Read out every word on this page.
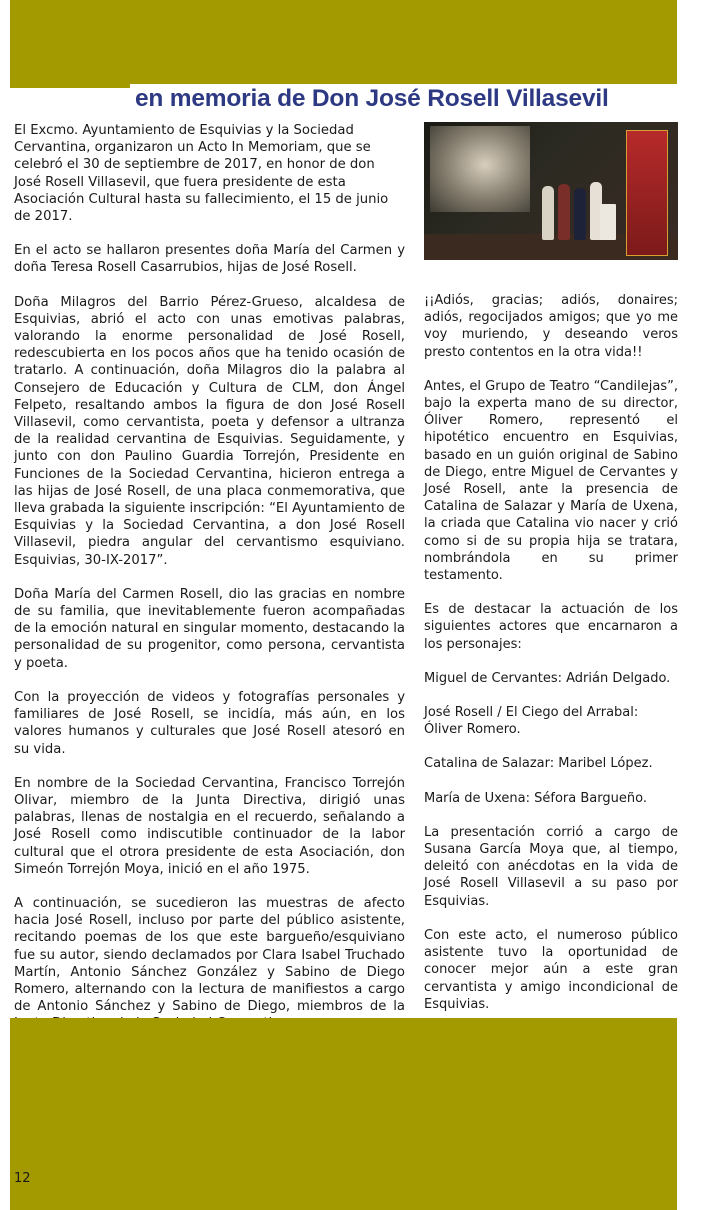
en memoria de Don José Rosell Villasevil

El Excmo. Ayuntamiento de Esquivias y la Sociedad Cervantina, organizaron un Acto In Memoriam, que se celebró el 30 de septiembre de 2017, en honor de don José Rosell Villasevil, que fuera presidente de esta Asociación Cultural hasta su fallecimiento, el 15 de junio de 2017.

En el acto se hallaron presentes doña María del Carmen y doña Teresa Rosell Casarrubios, hijas de José Rosell.

Doña Milagros del Barrio Pérez-Grueso, alcaldesa de Esquivias, abrió el acto con unas emotivas palabras, valorando la enorme personalidad de José Rosell, redescubierta en los pocos años que ha tenido ocasión de tratarlo. A continuación, doña Milagros dio la palabra al Consejero de Educación y Cultura de CLM, don Ángel Felpeto, resaltando ambos la figura de don José Rosell Villasevil, como cervantista, poeta y defensor a ultranza de la realidad cervantina de Esquivias. Seguidamente, y junto con don Paulino Guardia Torrejón, Presidente en Funciones de la Sociedad Cervantina, hicieron entrega a las hijas de José Rosell, de una placa conmemorativa, que lleva grabada la siguiente inscripción: “El Ayuntamiento de Esquivias y la Sociedad Cervantina, a don José Rosell Villasevil, piedra angular del cervantismo esquiviano. Esquivias, 30-IX-2017”.

Doña María del Carmen Rosell, dio las gracias en nombre de su familia, que inevitablemente fueron acompañadas de la emoción natural en singular momento, destacando la personalidad de su progenitor, como persona, cervantista y poeta.

Con la proyección de videos y fotografías personales y familiares de José Rosell, se incidía, más aún, en los valores humanos y culturales que José Rosell atesoró en su vida.

En nombre de la Sociedad Cervantina, Francisco Torrejón Olivar, miembro de la Junta Directiva, dirigió unas palabras, llenas de nostalgia en el recuerdo, señalando a José Rosell como indiscutible continuador de la labor cultural que el otrora presidente de esta Asociación, don Simeón Torrejón Moya, inició en el año 1975.

A continuación, se sucedieron las muestras de afecto hacia José Rosell, incluso por parte del público asistente, recitando poemas de los que este bargueño/esquiviano fue su autor, siendo declamados por Clara Isabel Truchado Martín, Antonio Sánchez González y Sabino de Diego Romero, alternando con la lectura de manifiestos a cargo de Antonio Sánchez y Sabino de Diego, miembros de la

¡¡Adiós, gracias; adiós, donaires; adiós, regocijados amigos; que yo me voy muriendo, y deseando veros presto contentos en la otra vida!!

Antes, el Grupo de Teatro “Candilejas”, bajo la experta mano de su director, Óliver Romero, representó el hipotético encuentro en Esquivias, basado en un guión original de Sabino de Diego, entre Miguel de Cervantes y José Rosell, ante la presencia de Catalina de Salazar y María de Uxena, la criada que Catalina vio nacer y crió como si de su propia hija se tratara, nombrándola en su primer testamento.

Es de destacar la actuación de los siguientes actores que encarnaron a los personajes:

Miguel de Cervantes: Adrián Delgado.

José Rosell / El Ciego del Arrabal: Óliver Romero.

Catalina de Salazar: Maribel López.

María de Uxena: Séfora Bargueño.

La presentación corrió a cargo de Susana García Moya que, al tiempo, deleitó con anécdotas en la vida de José Rosell Villasevil a su paso por Esquivias.

Con este acto, el numeroso público asistente tuvo la oportunidad de conocer mejor aún a este gran cervantista y amigo incondicional de Esquivias.

12
